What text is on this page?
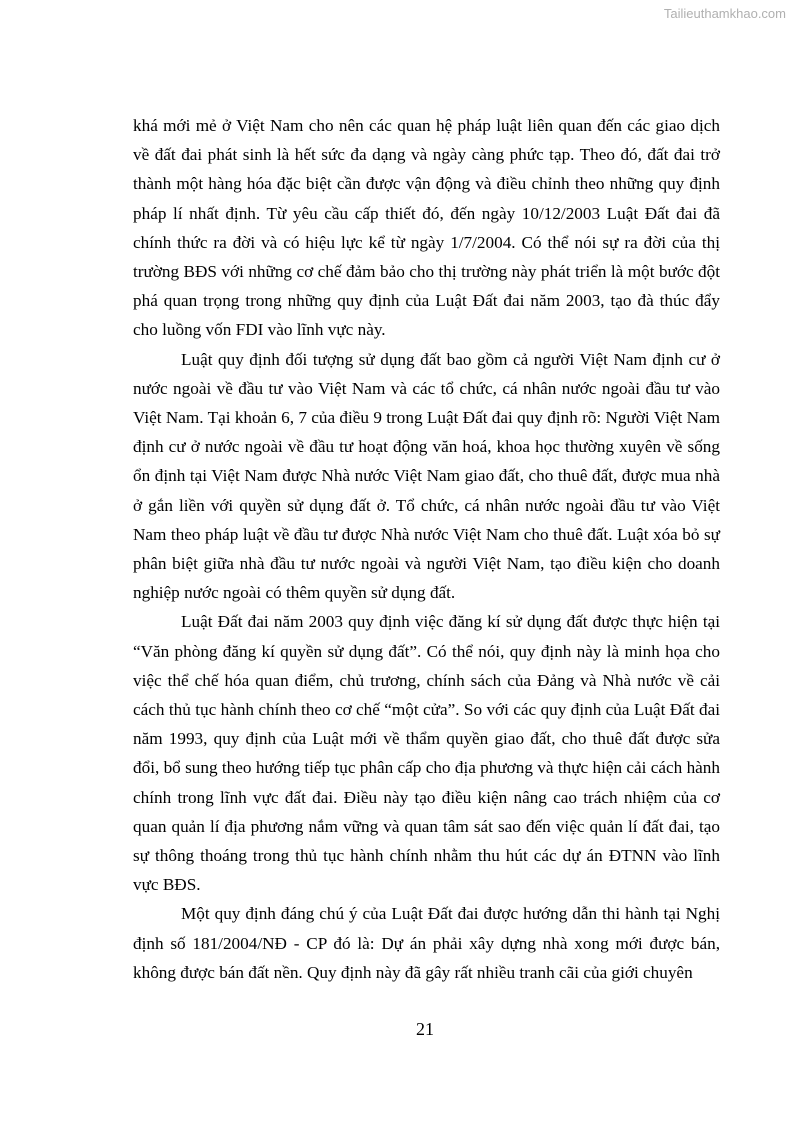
Tailieuthamkhao.com

khá mới mẻ ở Việt Nam cho nên các quan hệ pháp luật liên quan đến các giao dịch về đất đai phát sinh là hết sức đa dạng và ngày càng phức tạp. Theo đó, đất đai trở thành một hàng hóa đặc biệt cần được vận động và điều chỉnh theo những quy định pháp lí nhất định. Từ yêu cầu cấp thiết đó, đến ngày 10/12/2003 Luật Đất đai đã chính thức ra đời và có hiệu lực kể từ ngày 1/7/2004. Có thể nói sự ra đời của thị trường BĐS với những cơ chế đảm bảo cho thị trường này phát triển là một bước đột phá quan trọng trong những quy định của Luật Đất đai năm 2003, tạo đà thúc đẩy cho luồng vốn FDI vào lĩnh vực này.

Luật quy định đối tượng sử dụng đất bao gồm cả người Việt Nam định cư ở nước ngoài về đầu tư vào Việt Nam và các tổ chức, cá nhân nước ngoài đầu tư vào Việt Nam. Tại khoản 6, 7 của điều 9 trong Luật Đất đai quy định rõ: Người Việt Nam định cư ở nước ngoài về đầu tư hoạt động văn hoá, khoa học thường xuyên về sống ổn định tại Việt Nam được Nhà nước Việt Nam giao đất, cho thuê đất, được mua nhà ở gắn liền với quyền sử dụng đất ở. Tổ chức, cá nhân nước ngoài đầu tư vào Việt Nam theo pháp luật về đầu tư được Nhà nước Việt Nam cho thuê đất. Luật xóa bỏ sự phân biệt giữa nhà đầu tư nước ngoài và người Việt Nam, tạo điều kiện cho doanh nghiệp nước ngoài có thêm quyền sử dụng đất.

Luật Đất đai năm 2003 quy định việc đăng kí sử dụng đất được thực hiện tại “Văn phòng đăng kí quyền sử dụng đất”. Có thể nói, quy định này là minh họa cho việc thể chế hóa quan điểm, chủ trương, chính sách của Đảng và Nhà nước về cải cách thủ tục hành chính theo cơ chế “một cửa”. So với các quy định của Luật Đất đai năm 1993, quy định của Luật mới về thẩm quyền giao đất, cho thuê đất được sửa đổi, bổ sung theo hướng tiếp tục phân cấp cho địa phương và thực hiện cải cách hành chính trong lĩnh vực đất đai. Điều này tạo điều kiện nâng cao trách nhiệm của cơ quan quản lí địa phương nắm vững và quan tâm sát sao đến việc quản lí đất đai, tạo sự thông thoáng trong thủ tục hành chính nhằm thu hút các dự án ĐTNN vào lĩnh vực BĐS.

Một quy định đáng chú ý của Luật Đất đai được hướng dẫn thi hành tại Nghị định số 181/2004/NĐ - CP đó là: Dự án phải xây dựng nhà xong mới được bán, không được bán đất nền. Quy định này đã gây rất nhiều tranh cãi của giới chuyên

21
